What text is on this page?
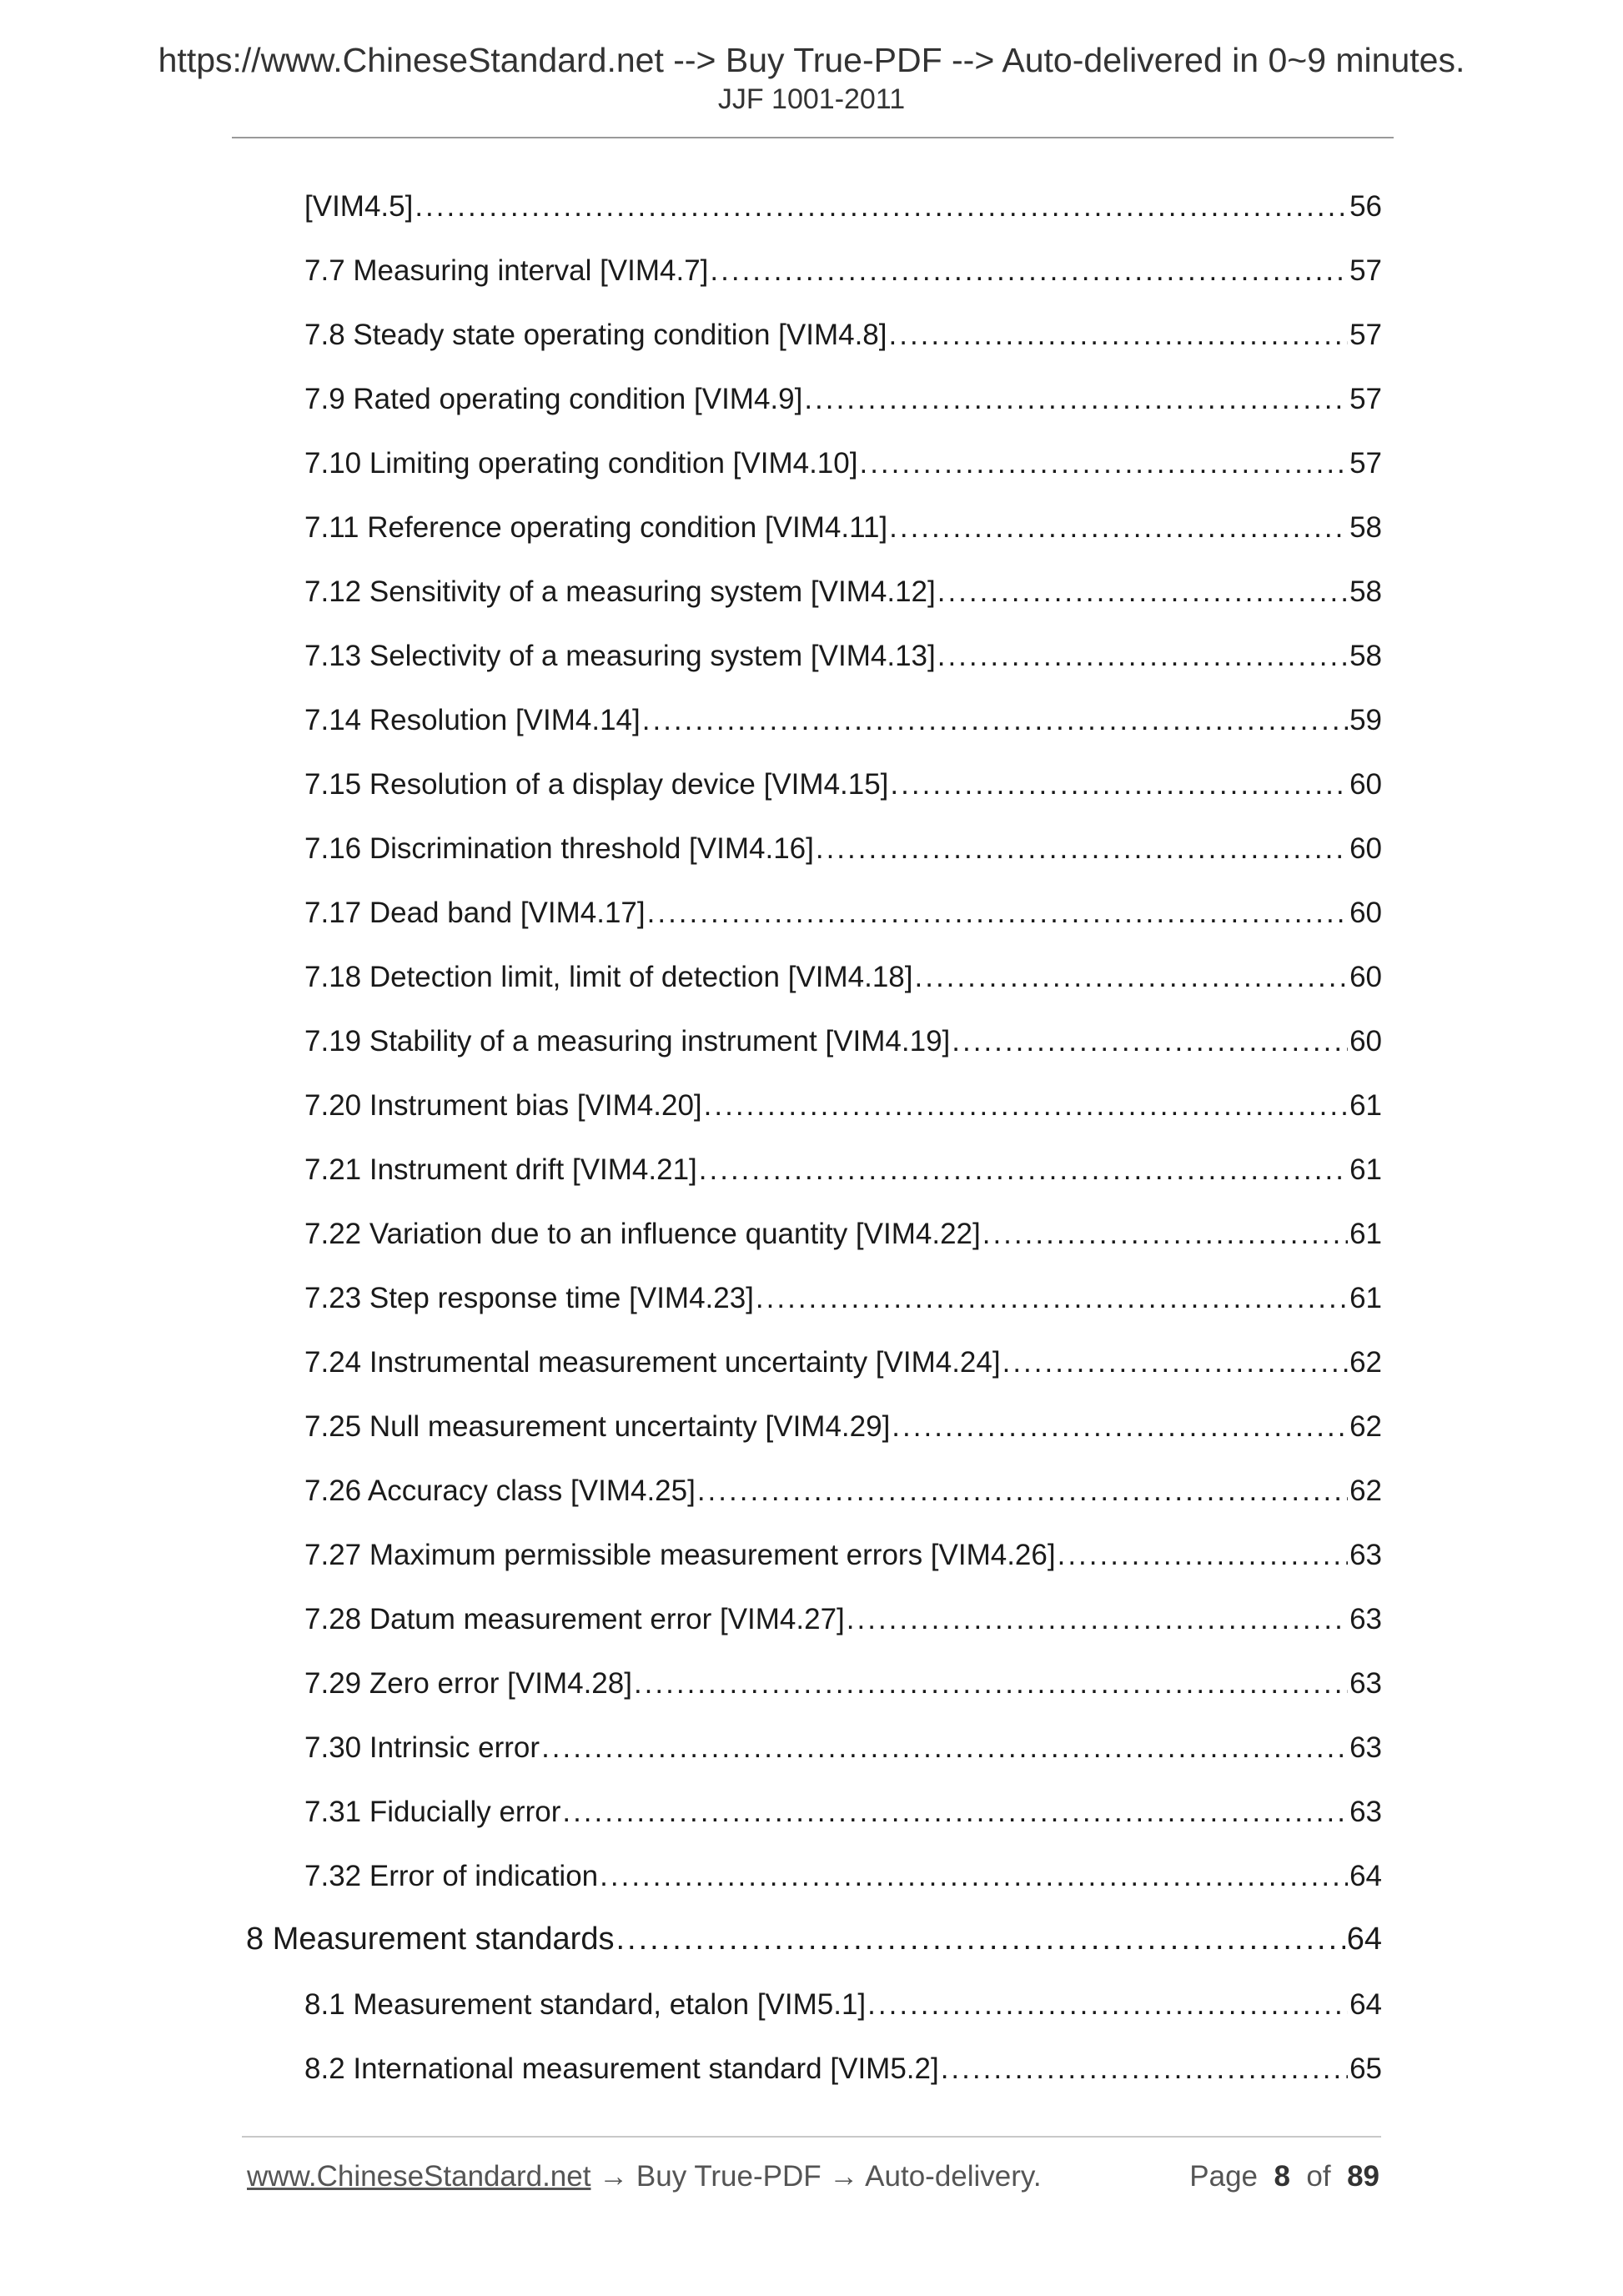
https://www.ChineseStandard.net --> Buy True-PDF --> Auto-delivered in 0~9 minutes.
JJF 1001-2011
[VIM4.5] .....	56
7.7 Measuring interval [VIM4.7] .....	57
7.8 Steady state operating condition [VIM4.8] .....	57
7.9 Rated operating condition [VIM4.9] .....	57
7.10 Limiting operating condition [VIM4.10] .....	57
7.11 Reference operating condition [VIM4.11] .....	58
7.12 Sensitivity of a measuring system [VIM4.12] .....	58
7.13 Selectivity of a measuring system [VIM4.13] .....	58
7.14 Resolution [VIM4.14] .....	59
7.15 Resolution of a display device [VIM4.15] .....	60
7.16 Discrimination threshold [VIM4.16] .....	60
7.17 Dead band [VIM4.17] .....	60
7.18 Detection limit, limit of detection [VIM4.18] .....	60
7.19 Stability of a measuring instrument [VIM4.19] .....	60
7.20 Instrument bias [VIM4.20] .....	61
7.21 Instrument drift [VIM4.21] .....	61
7.22 Variation due to an influence quantity [VIM4.22] .....	61
7.23 Step response time [VIM4.23] .....	61
7.24 Instrumental measurement uncertainty [VIM4.24] .....	62
7.25 Null measurement uncertainty [VIM4.29] .....	62
7.26 Accuracy class [VIM4.25] .....	62
7.27 Maximum permissible measurement errors [VIM4.26] .....	63
7.28 Datum measurement error [VIM4.27] .....	63
7.29 Zero error [VIM4.28] .....	63
7.30 Intrinsic error .....	63
7.31 Fiducially error .....	63
7.32 Error of indication .....	64
8 Measurement standards .....	64
8.1 Measurement standard, etalon [VIM5.1] .....	64
8.2 International measurement standard [VIM5.2] .....	65
www.ChineseStandard.net → Buy True-PDF → Auto-delivery.	Page 8 of 89
